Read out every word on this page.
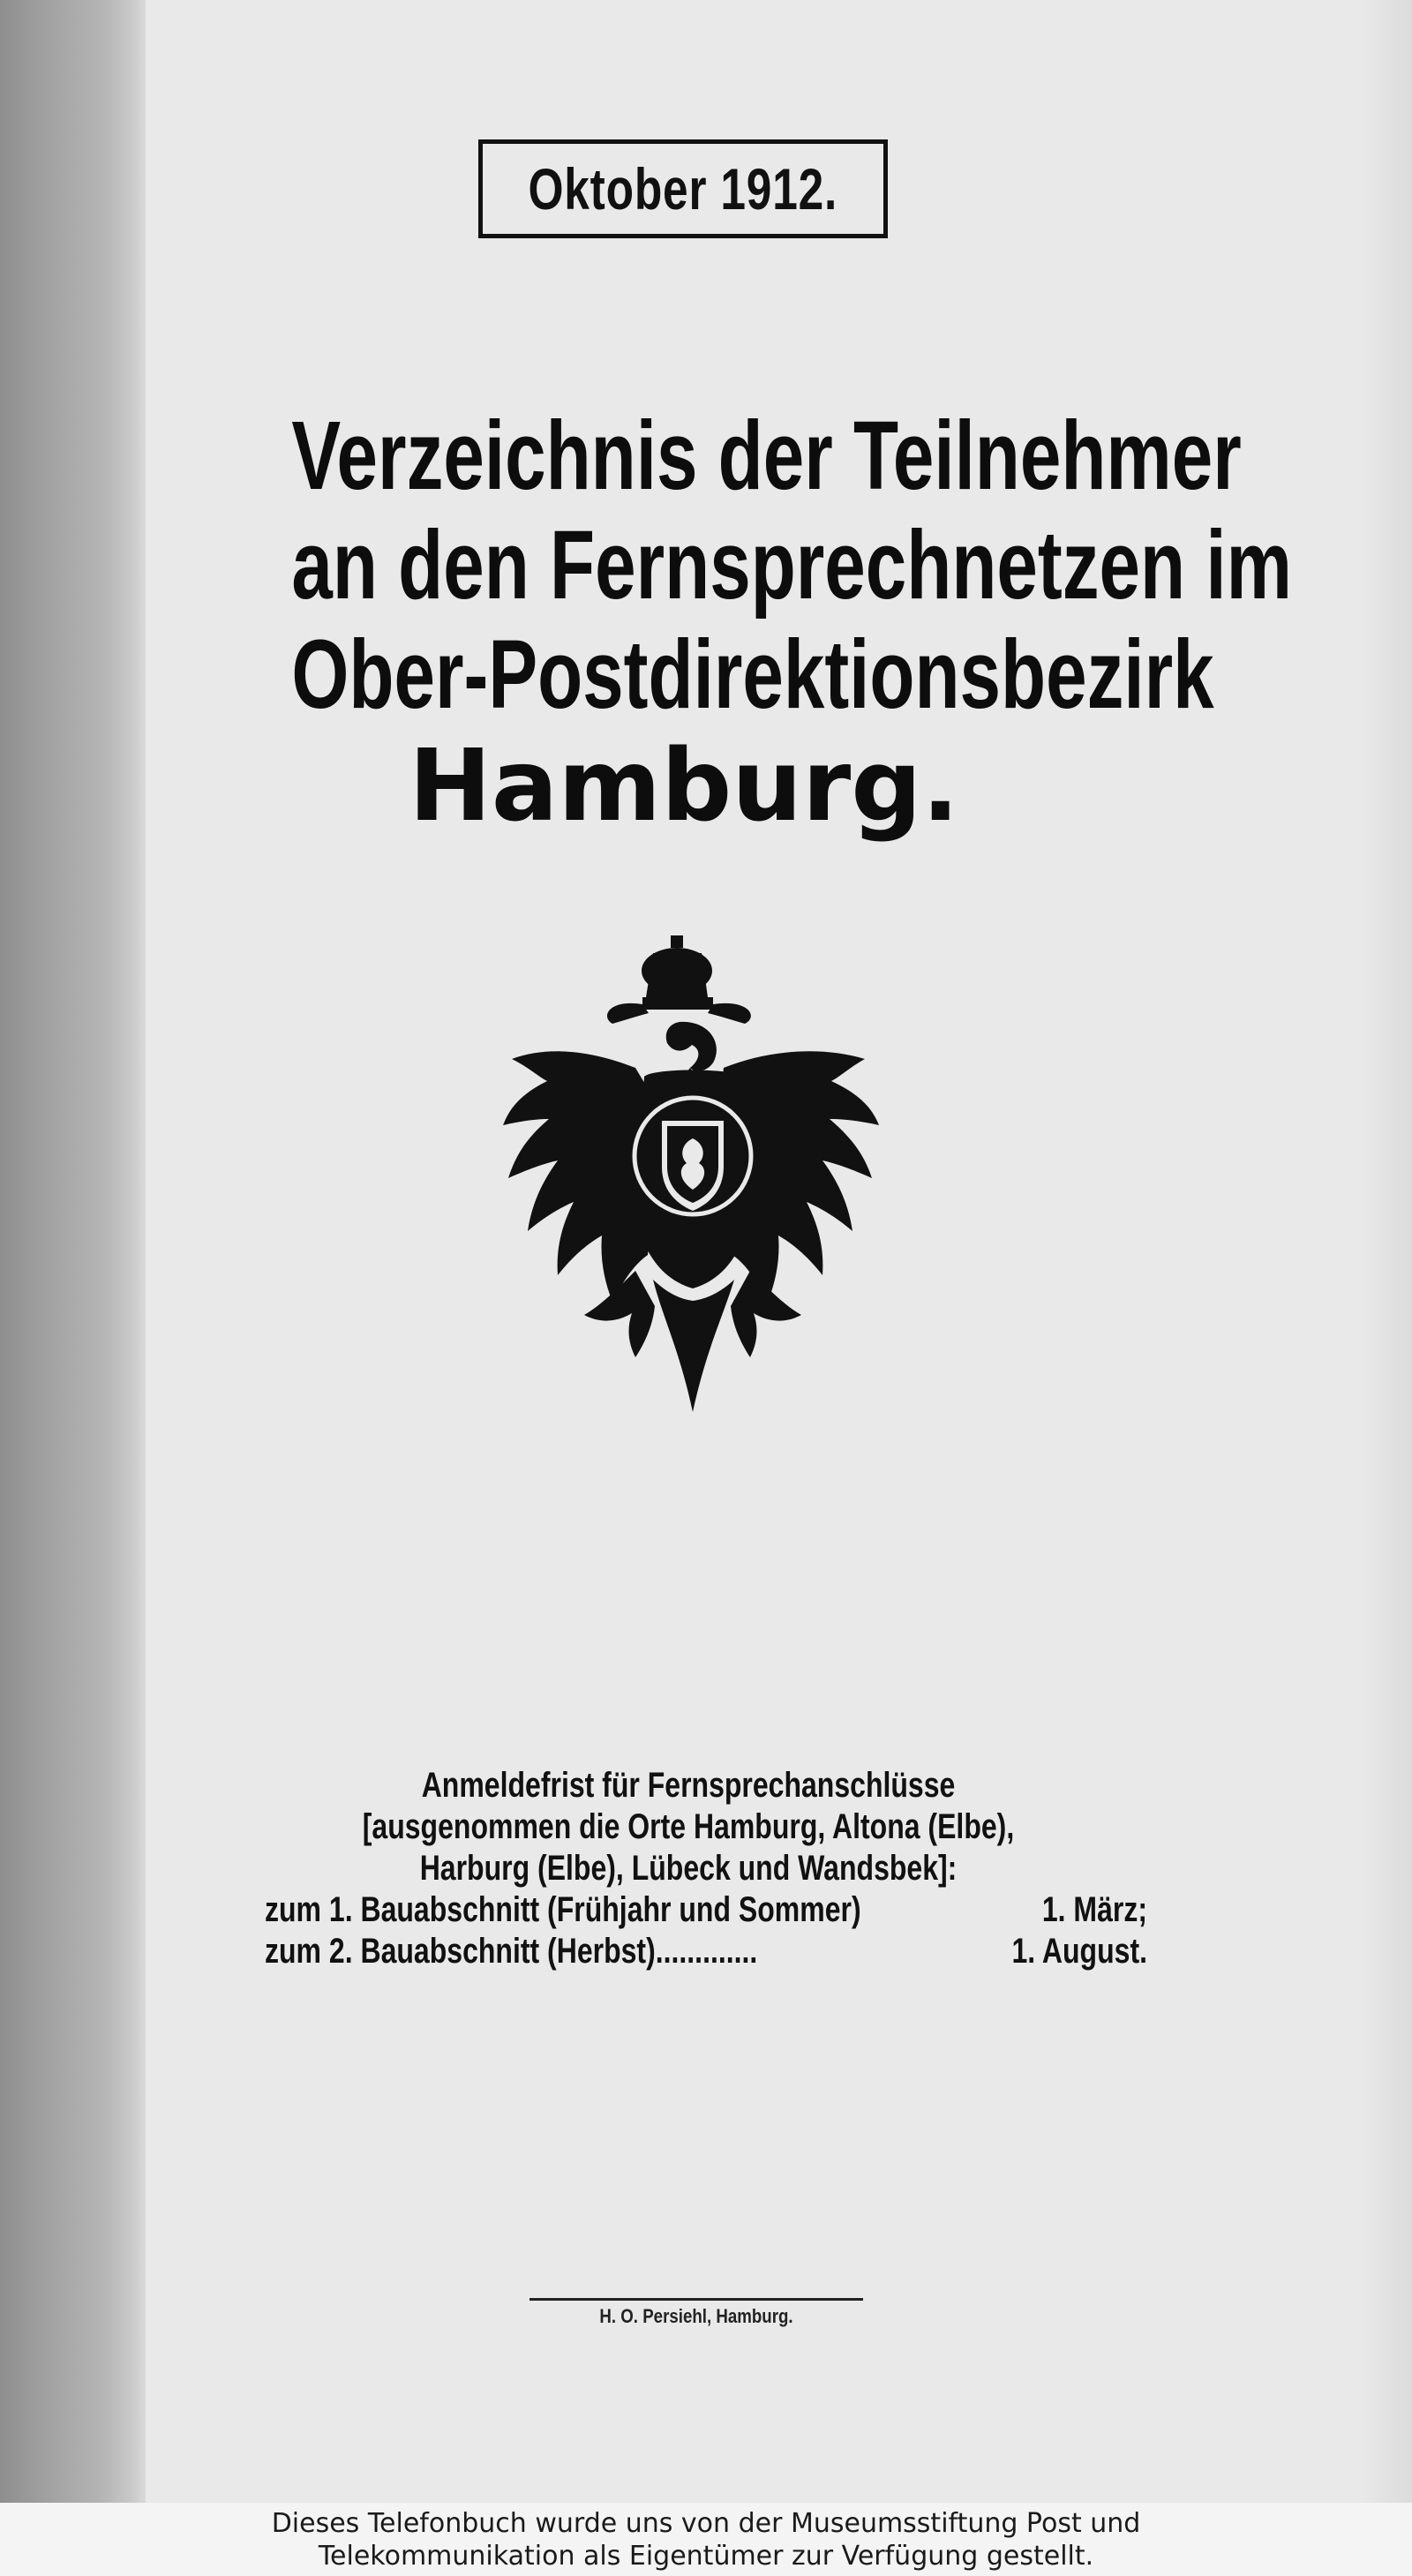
Oktober 1912.
Verzeichnis der Teilnehmer
an den Fernsprechnetzen im
Ober-Postdirektionsbezirk
Hamburg.
Anmeldefrist für Fernsprechanschlüsse
[ausgenommen die Orte Hamburg, Altona (Elbe),
Harburg (Elbe), Lübeck und Wandsbek]:
zum 1. Bauabschnitt (Frühjahr und Sommer)	1. März;
zum 2. Bauabschnitt (Herbst).............	1. August.
H. O. Persiehl, Hamburg.
Dieses Telefonbuch wurde uns von der Museumsstiftung Post und
Telekommunikation als Eigentümer zur Verfügung gestellt.
